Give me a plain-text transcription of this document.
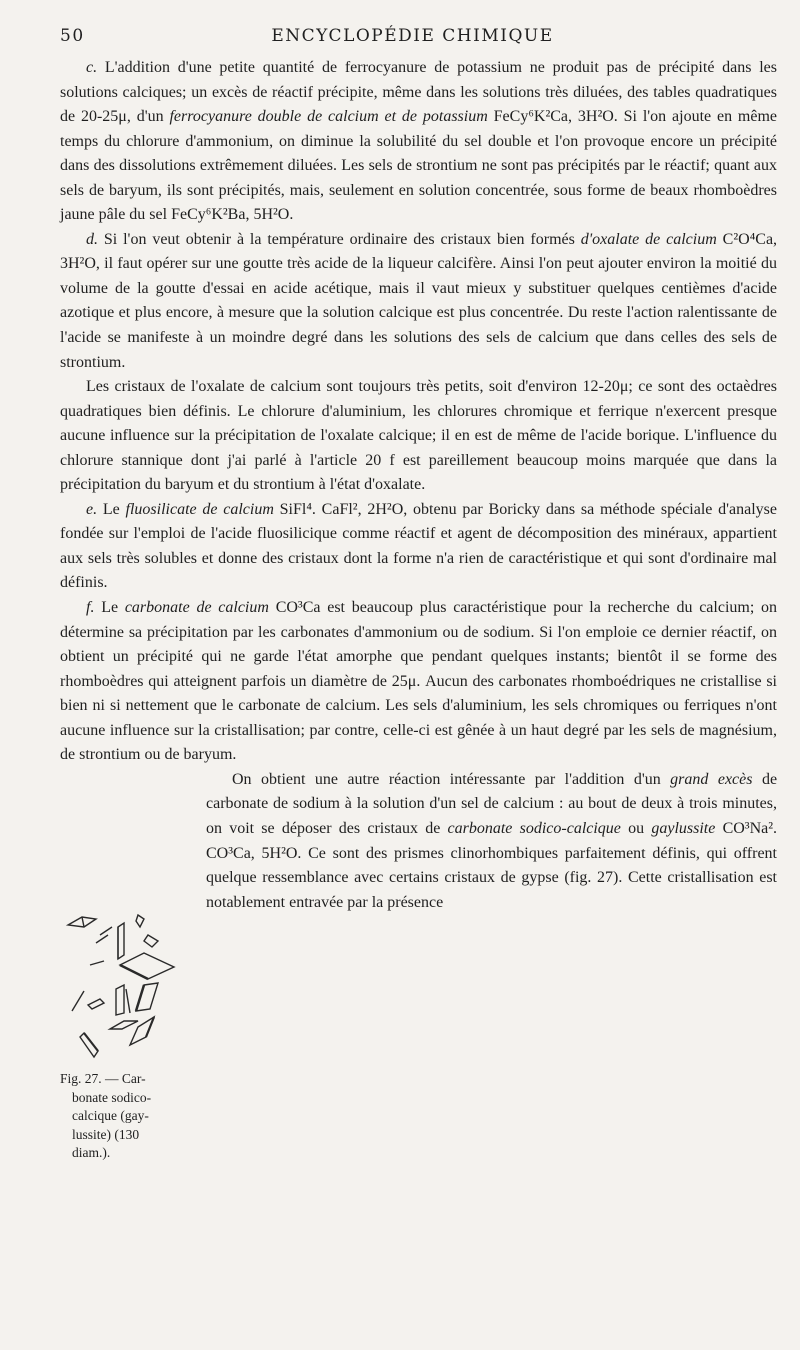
50	ENCYCLOPÉDIE CHIMIQUE

c. L'addition d'une petite quantité de ferrocyanure de potassium ne produit pas de précipité dans les solutions calciques; un excès de réactif précipite, même dans les solutions très diluées, des tables quadratiques de 20-25μ, d'un ferrocyanure double de calcium et de potassium FeCy⁶K²Ca, 3H²O. Si l'on ajoute en même temps du chlorure d'ammonium, on diminue la solubilité du sel double et l'on provoque encore un précipité dans des dissolutions extrêmement diluées. Les sels de strontium ne sont pas précipités par le réactif; quant aux sels de baryum, ils sont précipités, mais, seulement en solution concentrée, sous forme de beaux rhomboèdres jaune pâle du sel FeCy⁶K²Ba, 5H²O.

d. Si l'on veut obtenir à la température ordinaire des cristaux bien formés d'oxalate de calcium C²O⁴Ca, 3H²O, il faut opérer sur une goutte très acide de la liqueur calcifère. Ainsi l'on peut ajouter environ la moitié du volume de la goutte d'essai en acide acétique, mais il vaut mieux y substituer quelques centièmes d'acide azotique et plus encore, à mesure que la solution calcique est plus concentrée. Du reste l'action ralentissante de l'acide se manifeste à un moindre degré dans les solutions des sels de calcium que dans celles des sels de strontium.

Les cristaux de l'oxalate de calcium sont toujours très petits, soit d'environ 12-20μ; ce sont des octaèdres quadratiques bien définis. Le chlorure d'aluminium, les chlorures chromique et ferrique n'exercent presque aucune influence sur la précipitation de l'oxalate calcique; il en est de même de l'acide borique. L'influence du chlorure stannique dont j'ai parlé à l'article 20 f est pareillement beaucoup moins marquée que dans la précipitation du baryum et du strontium à l'état d'oxalate.

e. Le fluosilicate de calcium SiFl⁴. CaFl², 2H²O, obtenu par Boricky dans sa méthode spéciale d'analyse fondée sur l'emploi de l'acide fluosilicique comme réactif et agent de décomposition des minéraux, appartient aux sels très solubles et donne des cristaux dont la forme n'a rien de caractéristique et qui sont d'ordinaire mal définis.

f. Le carbonate de calcium CO³Ca est beaucoup plus caractéristique pour la recherche du calcium; on détermine sa précipitation par les carbonates d'ammonium ou de sodium. Si l'on emploie ce dernier réactif, on obtient un précipité qui ne garde l'état amorphe que pendant quelques instants; bientôt il se forme des rhomboèdres qui atteignent parfois un diamètre de 25μ. Aucun des carbonates rhomboédriques ne cristallise si bien ni si nettement que le carbonate de calcium. Les sels d'aluminium, les sels chromiques ou ferriques n'ont aucune influence sur la cristallisation; par contre, celle-ci est gênée à un haut degré par les sels de magnésium, de strontium ou de baryum.

On obtient une autre réaction intéressante par l'addition d'un grand excès de carbonate de sodium à la solution d'un sel de calcium : au bout de deux à trois minutes, on voit se déposer des cristaux de carbonate sodico-calcique ou gaylussite CO³Na². CO³Ca, 5H²O. Ce sont des prismes clinorhombiques parfaitement définis, qui offrent quelque ressemblance avec certains cristaux de gypse (fig. 27). Cette cristallisation est notablement entravée par la présence

Fig. 27. — Car-
bonate sodico-
calcique (gay-
lussite) (130
diam.).
